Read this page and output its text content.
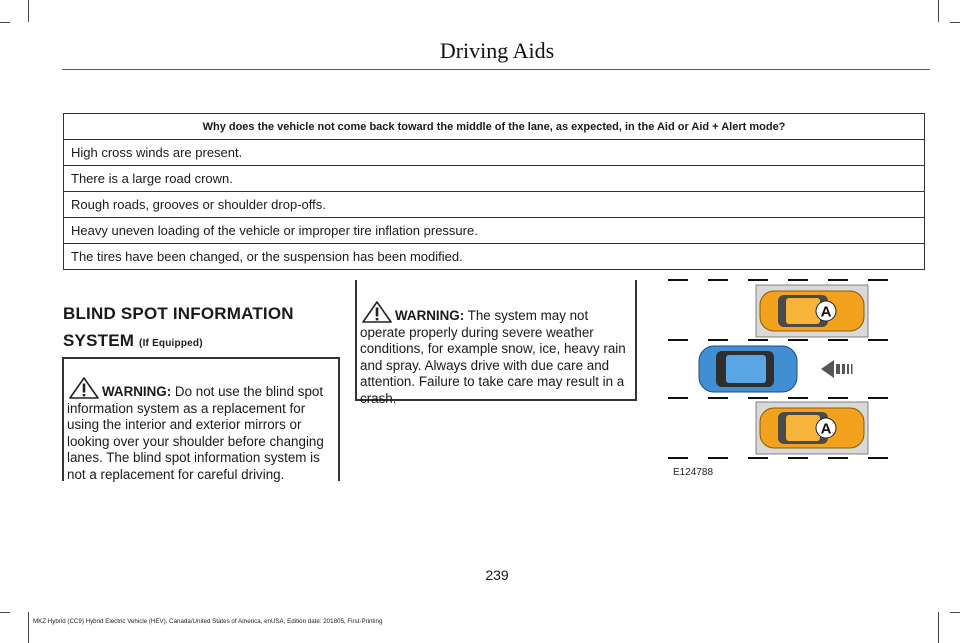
Driving Aids
Why does the vehicle not come back toward the middle of the lane, as expected, in the Aid or Aid + Alert mode?
High cross winds are present.
There is a large road crown.
Rough roads, grooves or shoulder drop-offs.
Heavy uneven loading of the vehicle or improper tire inflation pressure.
The tires have been changed, or the suspension has been modified.
BLIND SPOT INFORMATION
SYSTEM (If Equipped)
WARNING: Do not use the blind spot information system as a replacement for using the interior and exterior mirrors or looking over your shoulder before changing lanes. The blind spot information system is not a replacement for careful driving.
WARNING: The system may not operate properly during severe weather conditions, for example snow, ice, heavy rain and spray. Always drive with due care and attention. Failure to take care may result in a crash.
A
A
E124788
239
MKZ Hybrid (CC9) Hybrid Electric Vehicle (HEV), Canada/United States of America, enUSA, Edition date: 201805, First-Printing
